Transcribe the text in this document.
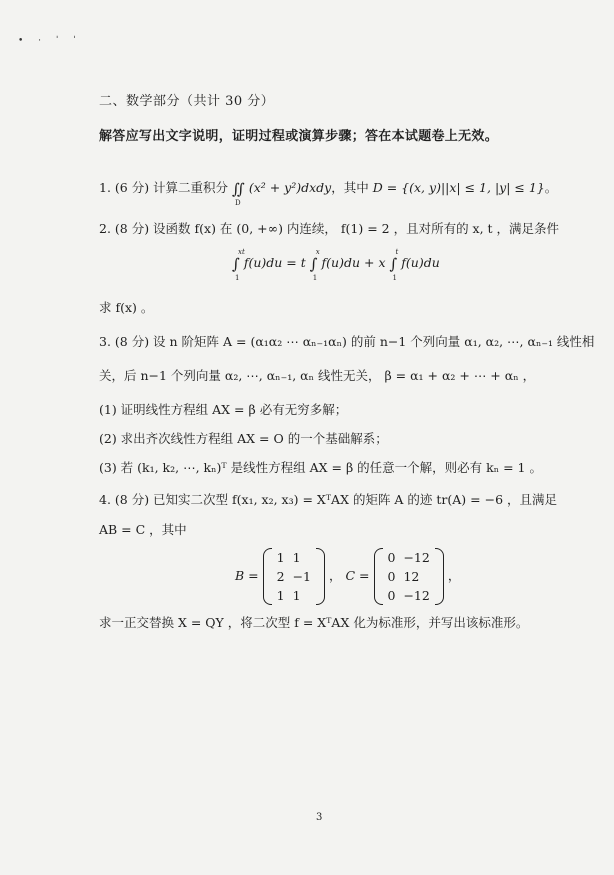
• · ˈ ˈ
二、数学部分（共计 30 分）
解答应写出文字说明，证明过程或演算步骤；答在本试题卷上无效。
1. (6 分) 计算二重积分 ∬
D
(x² + y²)dxdy，其中 D = {(x, y)||x| ≤ 1, |y| ≤ 1}。
2. (8 分) 设函数 f(x) 在 (0, +∞) 内连续， f(1) = 2 ，且对所有的 x, t ，满足条件
∫
xt
1
f(u)du = t ∫
x
1
f(u)du + x ∫
t
1
f(u)du
求 f(x) 。
3. (8 分) 设 n 阶矩阵 A = (α₁α₂ ⋯ αₙ₋₁αₙ) 的前 n−1 个列向量 α₁, α₂, ⋯, αₙ₋₁ 线性相
关，后 n−1 个列向量 α₂, ⋯, αₙ₋₁, αₙ 线性无关， β = α₁ + α₂ + ⋯ + αₙ ，
(1) 证明线性方程组 AX = β 必有无穷多解；
(2) 求出齐次线性方程组 AX = O 的一个基础解系；
(3) 若 (k₁, k₂, ⋯, kₙ)ᵀ 是线性方程组 AX = β 的任意一个解，则必有 kₙ = 1 。
4. (8 分) 已知实二次型 f(x₁, x₂, x₃) = XᵀAX 的矩阵 A 的迹 tr(A) = −6 ，且满足
AB = C ，其中
B =
1	1
2	−1
1	1
， C =
0	−12
0	12
0	−12
，
求一正交替换 X = QY ，将二次型 f = XᵀAX 化为标准形，并写出该标准形。
3
